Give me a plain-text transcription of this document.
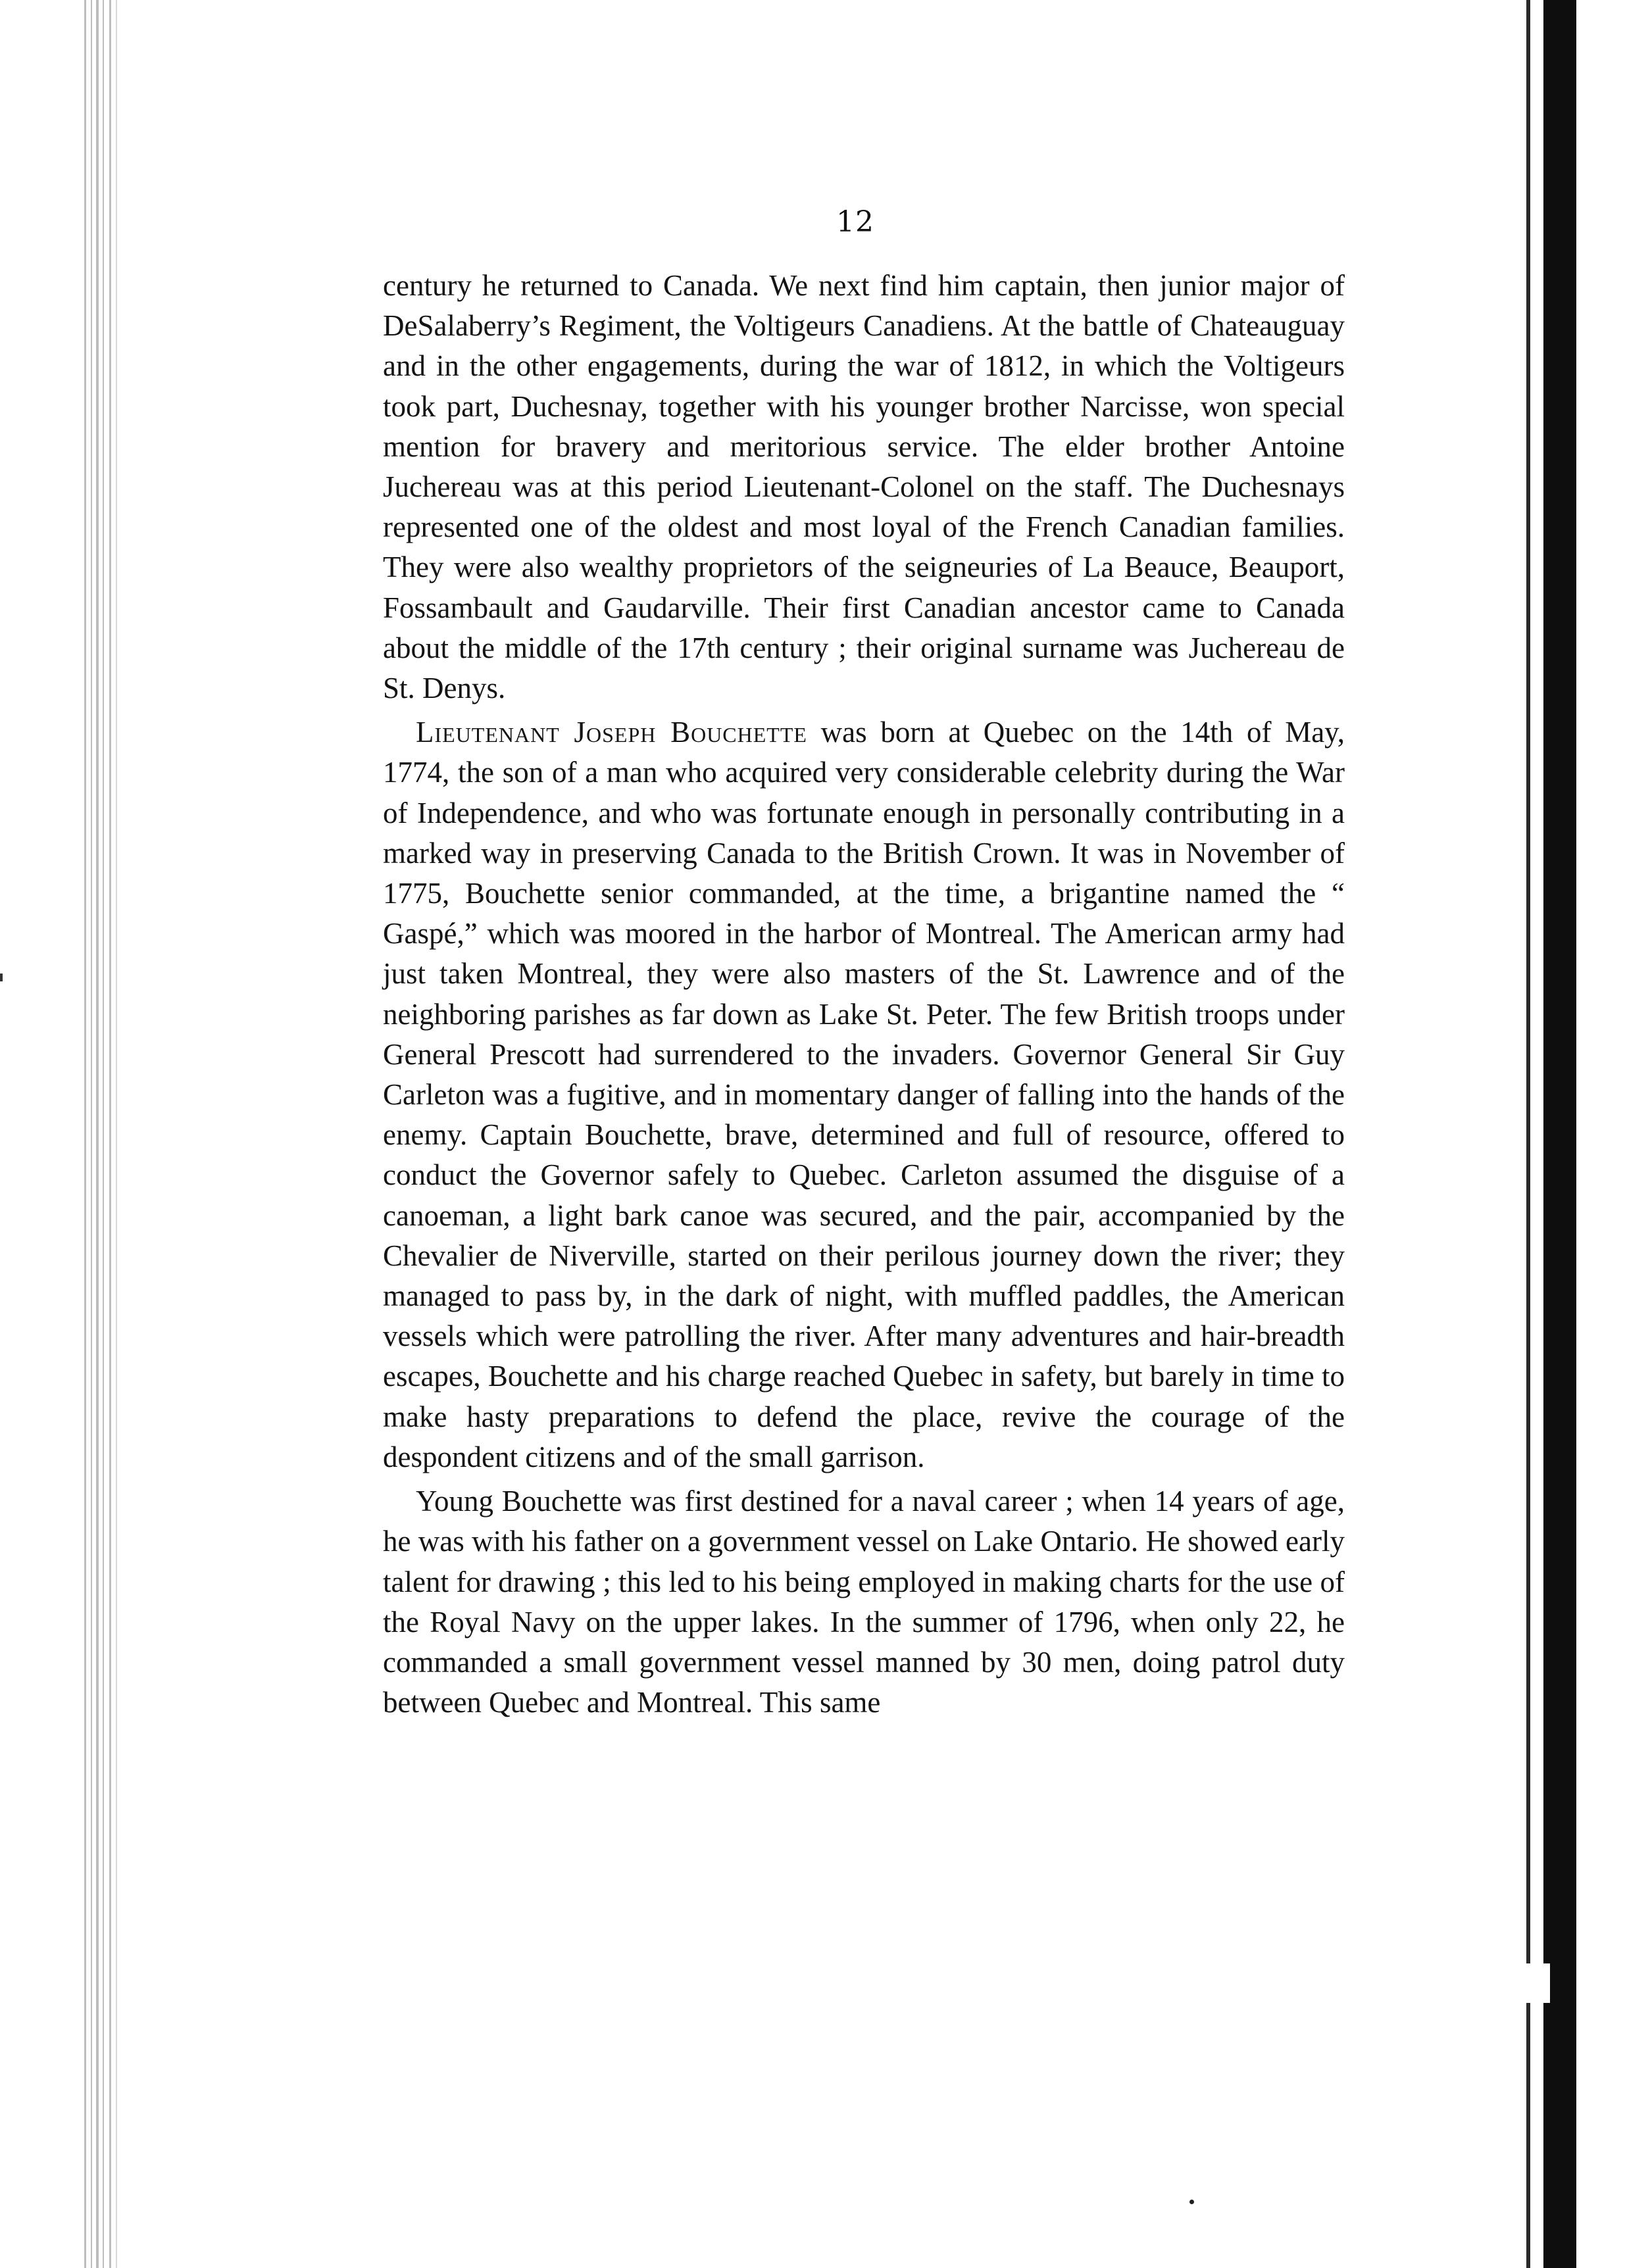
12

century he returned to Canada. We next find him captain, then junior major of DeSalaberry’s Regiment, the Voltigeurs Canadiens. At the battle of Chateauguay and in the other engagements, during the war of 1812, in which the Voltigeurs took part, Duchesnay, together with his younger brother Narcisse, won special mention for bravery and meritorious service. The elder brother Antoine Juchereau was at this period Lieutenant-Colonel on the staff. The Duchesnays represented one of the oldest and most loyal of the French Canadian families. They were also wealthy proprietors of the seigneuries of La Beauce, Beauport, Fossambault and Gaudarville. Their first Canadian ancestor came to Canada about the middle of the 17th century ; their original surname was Juchereau de St. Denys.

Lieutenant Joseph Bouchette was born at Quebec on the 14th of May, 1774, the son of a man who acquired very considerable celebrity during the War of Independence, and who was fortunate enough in personally contributing in a marked way in preserving Canada to the British Crown. It was in November of 1775, Bouchette senior commanded, at the time, a brigantine named the “ Gaspé,” which was moored in the harbor of Montreal. The American army had just taken Montreal, they were also masters of the St. Lawrence and of the neighboring parishes as far down as Lake St. Peter. The few British troops under General Prescott had surrendered to the invaders. Governor General Sir Guy Carleton was a fugitive, and in momentary danger of falling into the hands of the enemy. Captain Bouchette, brave, determined and full of resource, offered to conduct the Governor safely to Quebec. Carleton assumed the disguise of a canoeman, a light bark canoe was secured, and the pair, accompanied by the Chevalier de Niverville, started on their perilous journey down the river; they managed to pass by, in the dark of night, with muffled paddles, the American vessels which were patrolling the river. After many adventures and hair-breadth escapes, Bouchette and his charge reached Quebec in safety, but barely in time to make hasty preparations to defend the place, revive the courage of the despondent citizens and of the small garrison.

Young Bouchette was first destined for a naval career ; when 14 years of age, he was with his father on a government vessel on Lake Ontario. He showed early talent for drawing ; this led to his being employed in making charts for the use of the Royal Navy on the upper lakes. In the summer of 1796, when only 22, he commanded a small government vessel manned by 30 men, doing patrol duty between Quebec and Montreal. This same
